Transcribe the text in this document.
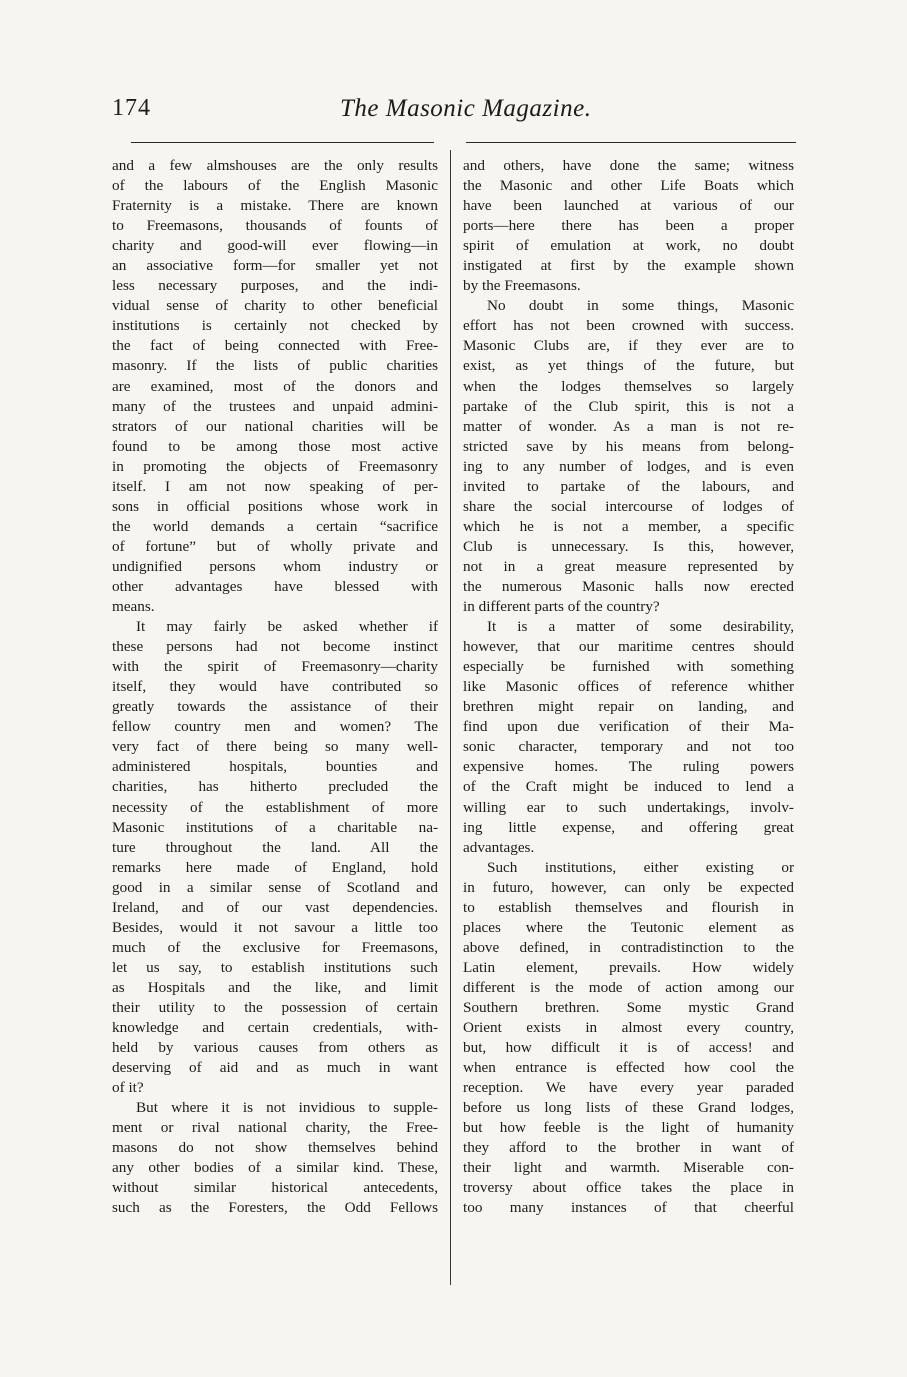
174	The Masonic Magazine.
and a few almshouses are the only results
of the labours of the English Masonic
Fraternity is a mistake. There are known
to Freemasons, thousands of founts of
charity and good-will ever flowing—in
an associative form—for smaller yet not
less necessary purposes, and the indi-
vidual sense of charity to other beneficial
institutions is certainly not checked by
the fact of being connected with Free-
masonry. If the lists of public charities
are examined, most of the donors and
many of the trustees and unpaid admini-
strators of our national charities will be
found to be among those most active
in promoting the objects of Freemasonry
itself. I am not now speaking of per-
sons in official positions whose work in
the world demands a certain “sacrifice
of fortune” but of wholly private and
undignified persons whom industry or
other advantages have blessed with
means.
It may fairly be asked whether if
these persons had not become instinct
with the spirit of Freemasonry—charity
itself, they would have contributed so
greatly towards the assistance of their
fellow country men and women? The
very fact of there being so many well-
administered hospitals, bounties and
charities, has hitherto precluded the
necessity of the establishment of more
Masonic institutions of a charitable na-
ture throughout the land. All the
remarks here made of England, hold
good in a similar sense of Scotland and
Ireland, and of our vast dependencies.
Besides, would it not savour a little too
much of the exclusive for Freemasons,
let us say, to establish institutions such
as Hospitals and the like, and limit
their utility to the possession of certain
knowledge and certain credentials, with-
held by various causes from others as
deserving of aid and as much in want
of it?
But where it is not invidious to supple-
ment or rival national charity, the Free-
masons do not show themselves behind
any other bodies of a similar kind. These,
without similar historical antecedents,
such as the Foresters, the Odd Fellows
and others, have done the same; witness
the Masonic and other Life Boats which
have been launched at various of our
ports—here there has been a proper
spirit of emulation at work, no doubt
instigated at first by the example shown
by the Freemasons.
No doubt in some things, Masonic
effort has not been crowned with success.
Masonic Clubs are, if they ever are to
exist, as yet things of the future, but
when the lodges themselves so largely
partake of the Club spirit, this is not a
matter of wonder. As a man is not re-
stricted save by his means from belong-
ing to any number of lodges, and is even
invited to partake of the labours, and
share the social intercourse of lodges of
which he is not a member, a specific
Club is unnecessary. Is this, however,
not in a great measure represented by
the numerous Masonic halls now erected
in different parts of the country?
It is a matter of some desirability,
however, that our maritime centres should
especially be furnished with something
like Masonic offices of reference whither
brethren might repair on landing, and
find upon due verification of their Ma-
sonic character, temporary and not too
expensive homes. The ruling powers
of the Craft might be induced to lend a
willing ear to such undertakings, involv-
ing little expense, and offering great
advantages.
Such institutions, either existing or
in futuro, however, can only be expected
to establish themselves and flourish in
places where the Teutonic element as
above defined, in contradistinction to the
Latin element, prevails. How widely
different is the mode of action among our
Southern brethren. Some mystic Grand
Orient exists in almost every country,
but, how difficult it is of access! and
when entrance is effected how cool the
reception. We have every year paraded
before us long lists of these Grand lodges,
but how feeble is the light of humanity
they afford to the brother in want of
their light and warmth. Miserable con-
troversy about office takes the place in
too many instances of that cheerful
